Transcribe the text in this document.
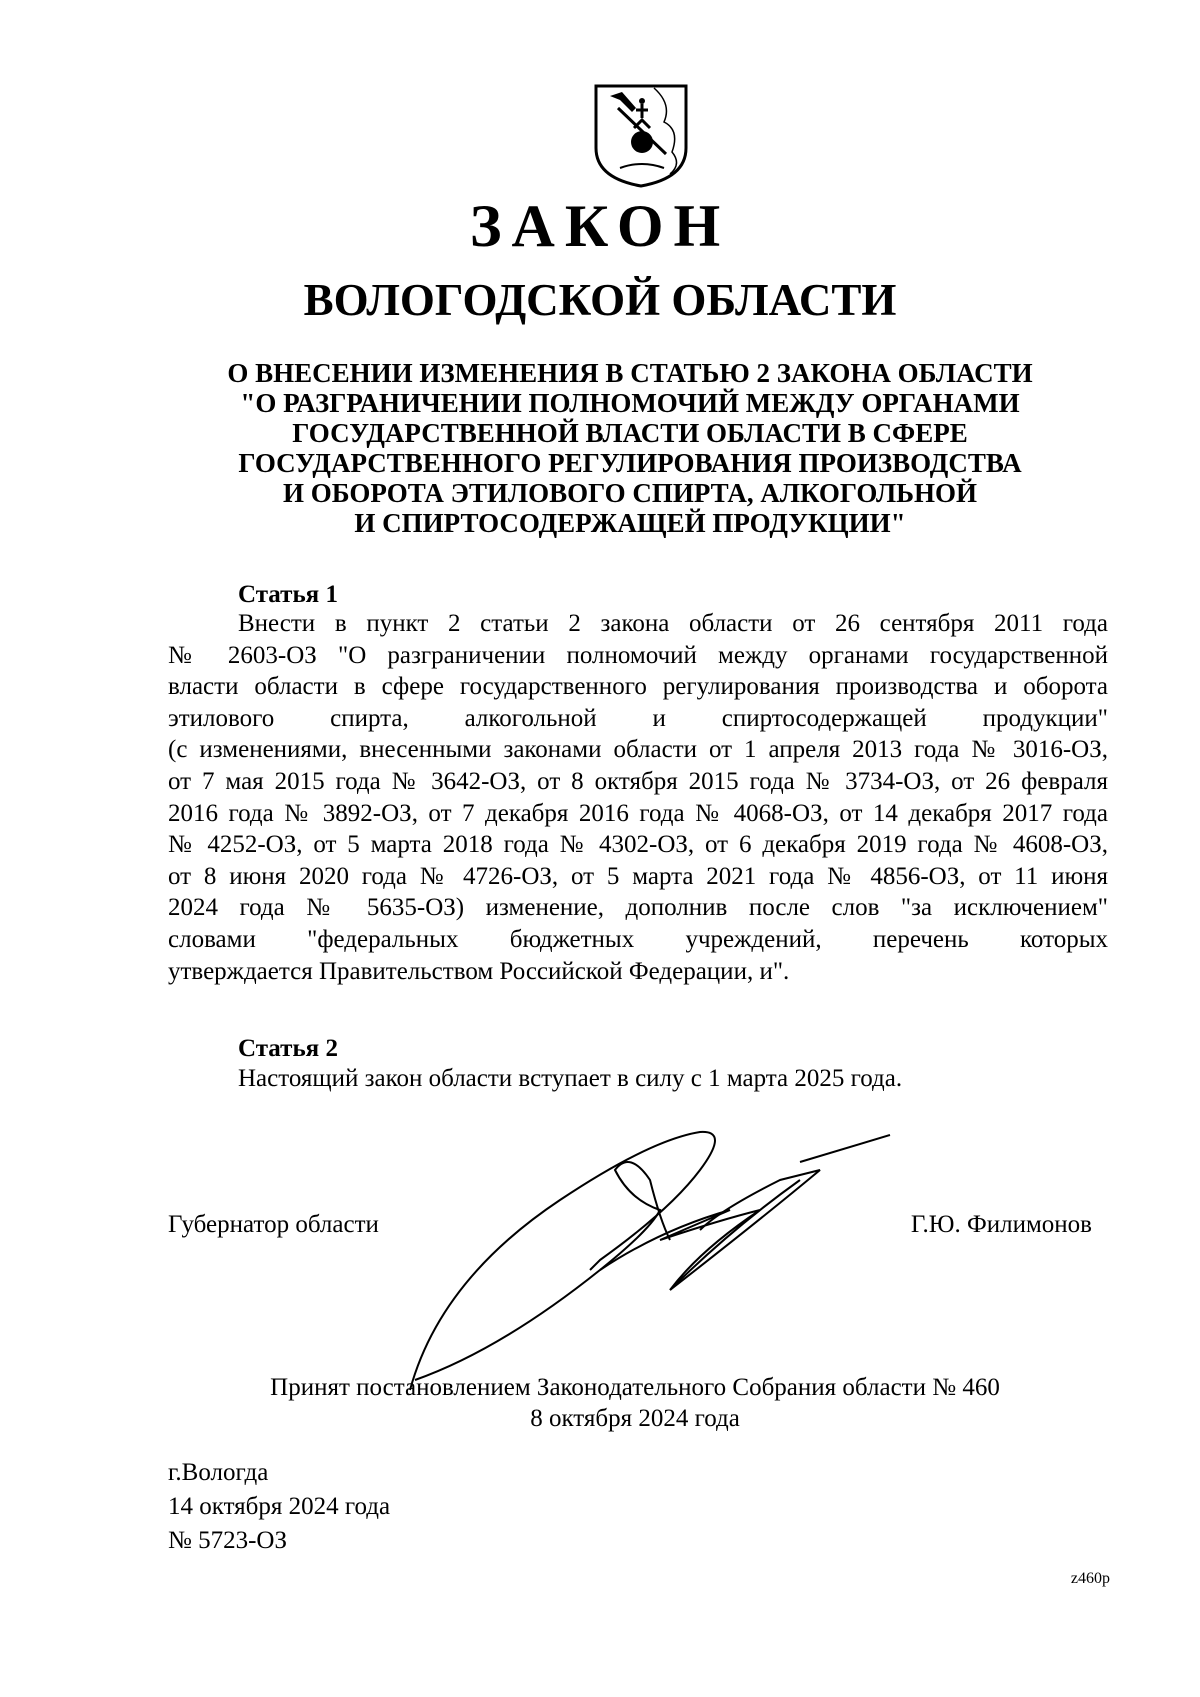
ЗАКОН
ВОЛОГОДСКОЙ ОБЛАСТИ
О ВНЕСЕНИИ ИЗМЕНЕНИЯ В СТАТЬЮ 2 ЗАКОНА ОБЛАСТИ
"О РАЗГРАНИЧЕНИИ ПОЛНОМОЧИЙ МЕЖДУ ОРГАНАМИ
ГОСУДАРСТВЕННОЙ ВЛАСТИ ОБЛАСТИ В СФЕРЕ
ГОСУДАРСТВЕННОГО РЕГУЛИРОВАНИЯ ПРОИЗВОДСТВА
И ОБОРОТА ЭТИЛОВОГО СПИРТА, АЛКОГОЛЬНОЙ
И СПИРТОСОДЕРЖАЩЕЙ ПРОДУКЦИИ"
Статья 1
Внести в пункт 2 статьи 2 закона области от 26 сентября 2011 года
№ 2603-ОЗ "О разграничении полномочий между органами государственной
власти области в сфере государственного регулирования производства и оборота
этилового спирта, алкогольной и спиртосодержащей продукции"
(с изменениями, внесенными законами области от 1 апреля 2013 года № 3016-ОЗ,
от 7 мая 2015 года № 3642-ОЗ, от 8 октября 2015 года № 3734-ОЗ, от 26 февраля
2016 года № 3892-ОЗ, от 7 декабря 2016 года № 4068-ОЗ, от 14 декабря 2017 года
№ 4252-ОЗ, от 5 марта 2018 года № 4302-ОЗ, от 6 декабря 2019 года № 4608-ОЗ,
от 8 июня 2020 года № 4726-ОЗ, от 5 марта 2021 года № 4856-ОЗ, от 11 июня
2024 года № 5635-ОЗ) изменение, дополнив после слов "за исключением"
словами "федеральных бюджетных учреждений, перечень которых
утверждается Правительством Российской Федерации, и".
Статья 2
Настоящий закон области вступает в силу с 1 марта 2025 года.
Губернатор области	Г.Ю. Филимонов
Принят постановлением Законодательного Собрания области № 460
8 октября 2024 года
г.Вологда
14 октября 2024 года
№ 5723-ОЗ
z460p
